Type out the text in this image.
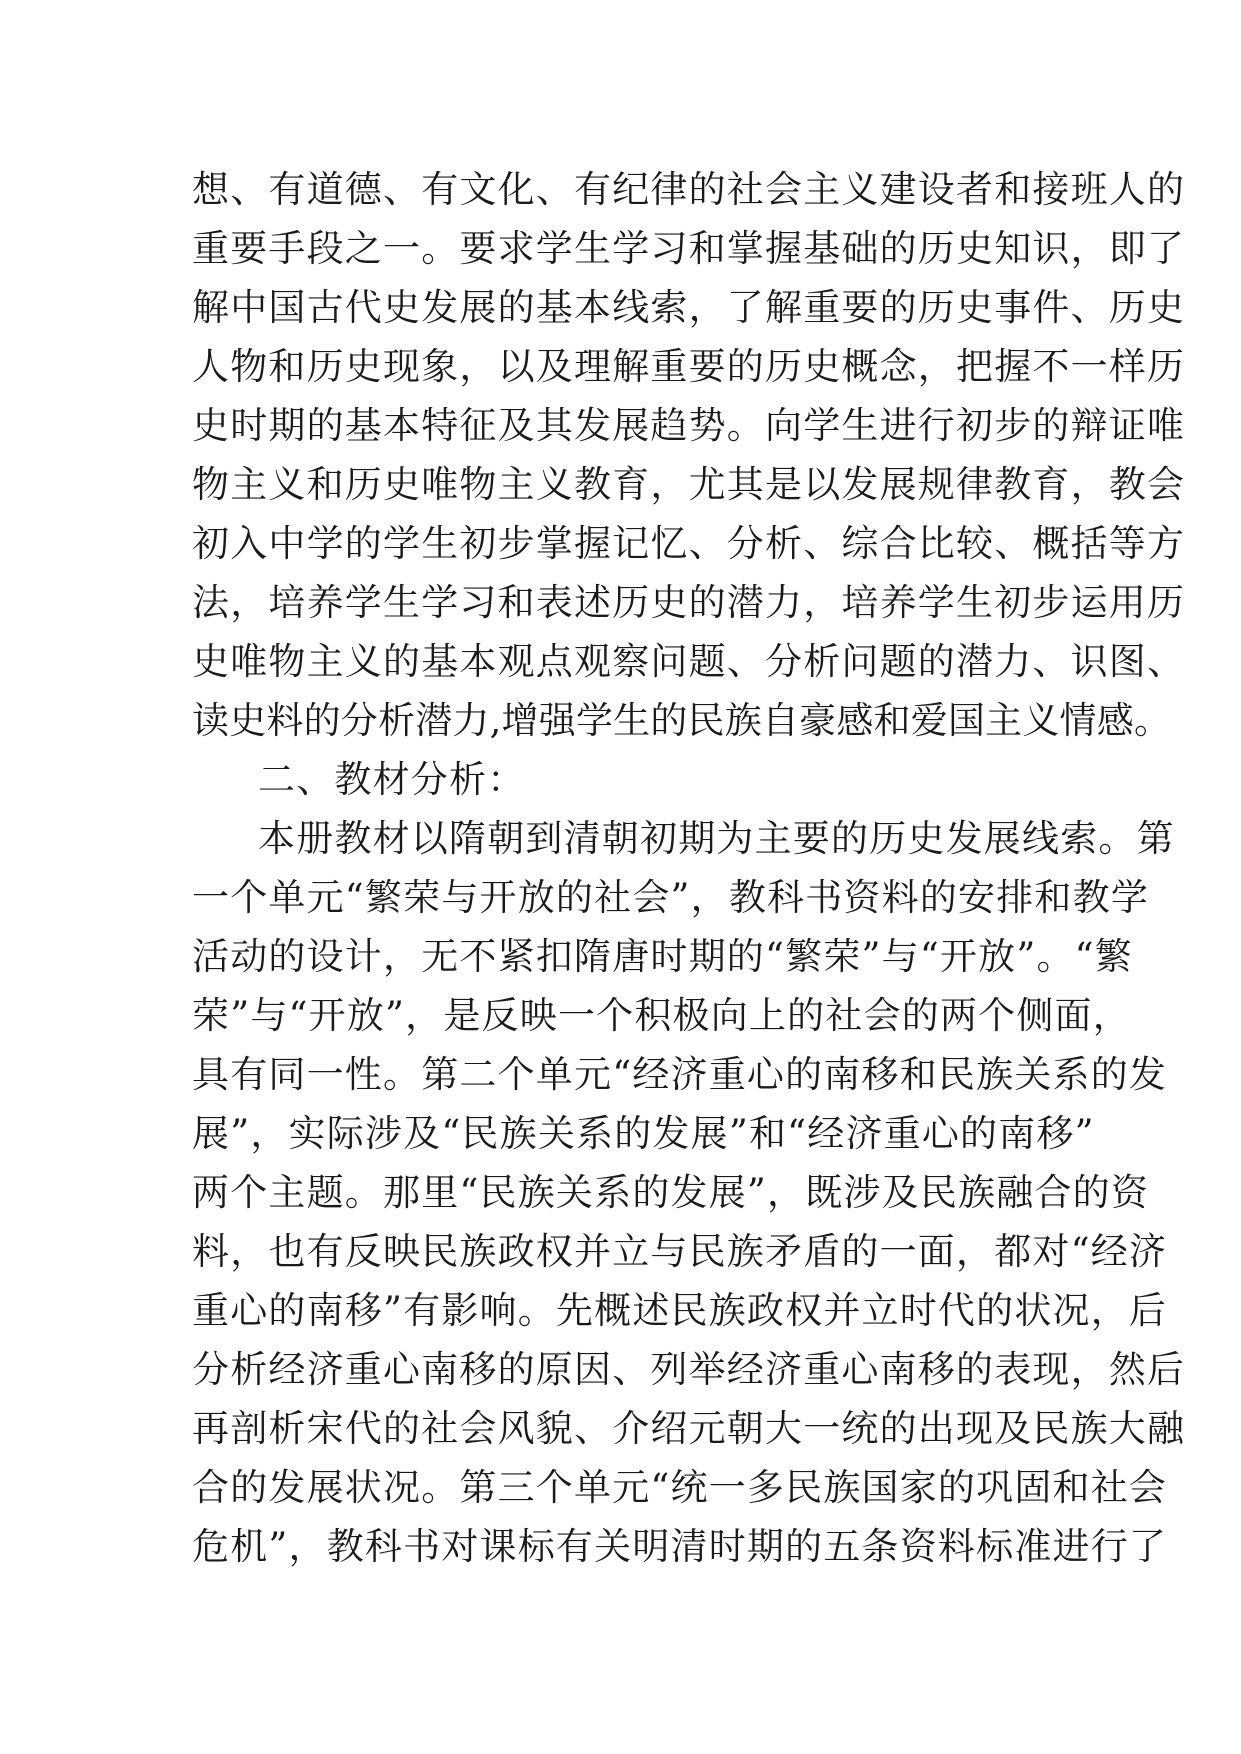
想、有道德、有文化、有纪律的社会主义建设者和接班人的
重要手段之一。要求学生学习和掌握基础的历史知识，即了
解中国古代史发展的基本线索，了解重要的历史事件、历史
人物和历史现象，以及理解重要的历史概念，把握不一样历
史时期的基本特征及其发展趋势。向学生进行初步的辩证唯
物主义和历史唯物主义教育，尤其是以发展规律教育，教会
初入中学的学生初步掌握记忆、分析、综合比较、概括等方
法，培养学生学习和表述历史的潜力，培养学生初步运用历
史唯物主义的基本观点观察问题、分析问题的潜力、识图、
读史料的分析潜力,增强学生的民族自豪感和爱国主义情感。
二、教材分析：
本册教材以隋朝到清朝初期为主要的历史发展线索。第
一个单元“繁荣与开放的社会”，教科书资料的安排和教学
活动的设计，无不紧扣隋唐时期的“繁荣”与“开放”。“繁
荣”与“开放”，是反映一个积极向上的社会的两个侧面，
具有同一性。第二个单元“经济重心的南移和民族关系的发
展”，实际涉及“民族关系的发展”和“经济重心的南移”
两个主题。那里“民族关系的发展”，既涉及民族融合的资
料，也有反映民族政权并立与民族矛盾的一面，都对“经济
重心的南移”有影响。先概述民族政权并立时代的状况，后
分析经济重心南移的原因、列举经济重心南移的表现，然后
再剖析宋代的社会风貌、介绍元朝大一统的出现及民族大融
合的发展状况。第三个单元“统一多民族国家的巩固和社会
危机”，教科书对课标有关明清时期的五条资料标准进行了
